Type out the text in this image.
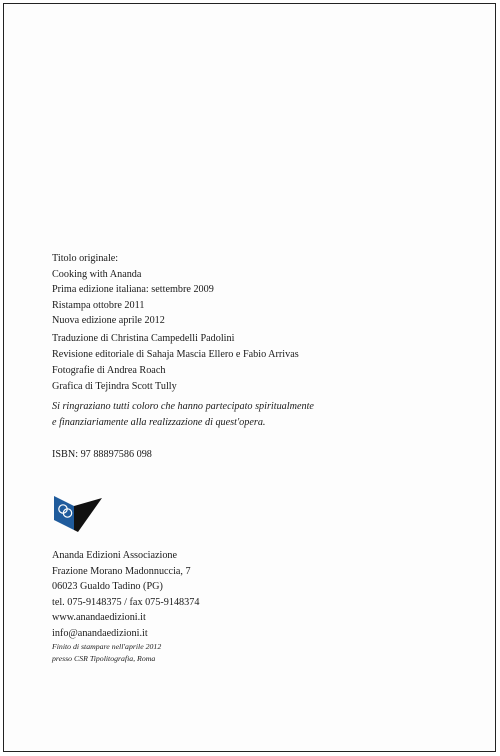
Titolo originale:
Cooking with Ananda
Prima edizione italiana: settembre 2009
Ristampa ottobre 2011
Nuova edizione aprile 2012
Traduzione di Christina Campedelli Padolini
Revisione editoriale di Sahaja Mascia Ellero e Fabio Arrivas
Fotografie di Andrea Roach
Grafica di Tejindra Scott Tully
Si ringraziano tutti coloro che hanno partecipato spiritualmente
e finanziariamente alla realizzazione di quest'opera.
ISBN: 97 88897586 098
Ananda Edizioni Associazione
Frazione Morano Madonnuccia, 7
06023 Gualdo Tadino (PG)
tel. 075-9148375 / fax 075-9148374
www.anandaedizioni.it
info@anandaedizioni.it
Finito di stampare nell'aprile 2012
presso CSR Tipolitografia, Roma
